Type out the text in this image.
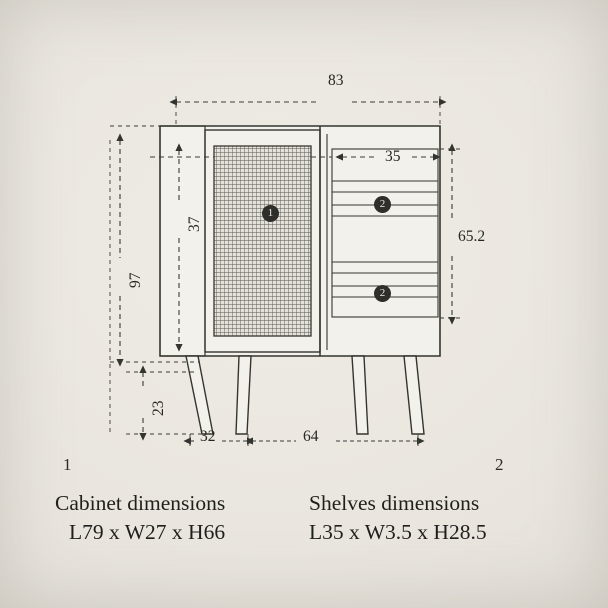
83
37
97
23
35
65.2
32	64
1
2
2
1	2
Cabinet dimensions
L79 x W27 x H66
Shelves dimensions
L35 x W3.5 x H28.5
